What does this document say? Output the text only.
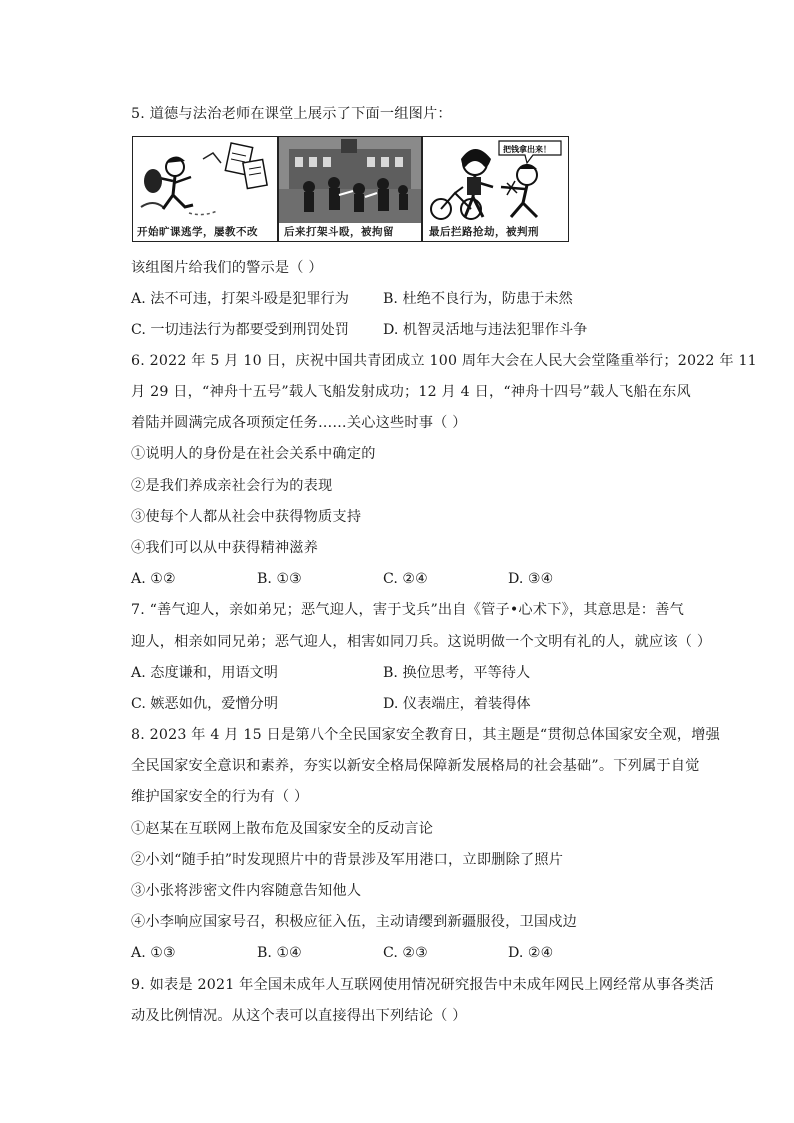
5. 道德与法治老师在课堂上展示了下面一组图片：
开始旷课逃学，屡教不改 后来打架斗殴，被拘留
把钱拿出来！
最后拦路抢劫，被判刑
该组图片给我们的警示是（ ）
A. 法不可违，打架斗殴是犯罪行为 B. 杜绝不良行为，防患于未然
C. 一切违法行为都要受到刑罚处罚 D. 机智灵活地与违法犯罪作斗争
6. 2022 年 5 月 10 日，庆祝中国共青团成立 100 周年大会在人民大会堂隆重举行；2022 年 11
月 29 日，“神舟十五号”载人飞船发射成功；12 月 4 日，“神舟十四号”载人飞船在东风
着陆并圆满完成各项预定任务……关心这些时事（ ）
①说明人的身份是在社会关系中确定的
②是我们养成亲社会行为的表现
③使每个人都从社会中获得物质支持
④我们可以从中获得精神滋养
A. ①②	B. ①③	C. ②④	D. ③④
7. “善气迎人，亲如弟兄；恶气迎人，害于戈兵”出自《管子•心术下》，其意思是：善气
迎人，相亲如同兄弟；恶气迎人，相害如同刀兵。这说明做一个文明有礼的人，就应该（ ）
A. 态度谦和，用语文明	B. 换位思考，平等待人
C. 嫉恶如仇，爱憎分明	D. 仪表端庄，着装得体
8. 2023 年 4 月 15 日是第八个全民国家安全教育日，其主题是“贯彻总体国家安全观，增强
全民国家安全意识和素养，夯实以新安全格局保障新发展格局的社会基础”。下列属于自觉
维护国家安全的行为有（ ）
①赵某在互联网上散布危及国家安全的反动言论
②小刘“随手拍”时发现照片中的背景涉及军用港口，立即删除了照片
③小张将涉密文件内容随意告知他人
④小李响应国家号召，积极应征入伍，主动请缨到新疆服役，卫国戍边
A. ①③	B. ①④	C. ②③	D. ②④
9. 如表是 2021 年全国未成年人互联网使用情况研究报告中未成年网民上网经常从事各类活
动及比例情况。从这个表可以直接得出下列结论（ ）
